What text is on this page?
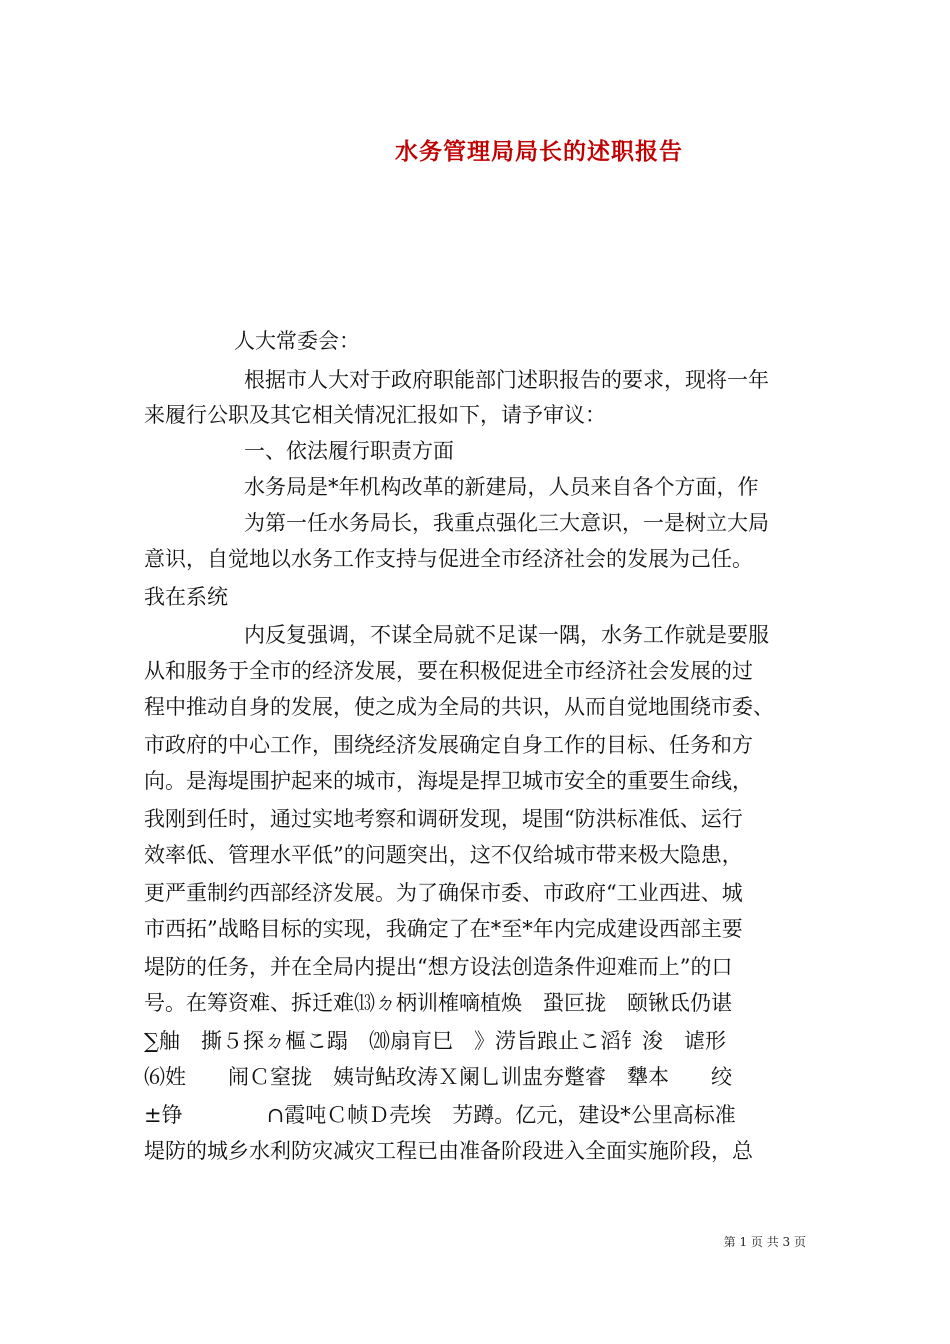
水务管理局局长的述职报告
人大常委会：
根据市人大对于政府职能部门述职报告的要求，现将一年
来履行公职及其它相关情况汇报如下，请予审议：
一、依法履行职责方面
水务局是*年机构改革的新建局，人员来自各个方面，作
为第一任水务局长，我重点强化三大意识，一是树立大局
意识，自觉地以水务工作支持与促进全市经济社会的发展为己任。
我在系统
内反复强调，不谋全局就不足谋一隅，水务工作就是要服
从和服务于全市的经济发展，要在积极促进全市经济社会发展的过
程中推动自身的发展，使之成为全局的共识，从而自觉地围绕市委、
市政府的中心工作，围绕经济发展确定自身工作的目标、任务和方
向。是海堤围护起来的城市，海堤是捍卫城市安全的重要生命线，
我刚到任时，通过实地考察和调研发现，堤围“防洪标准低、运行
效率低、管理水平低”的问题突出，这不仅给城市带来极大隐患，
更严重制约西部经济发展。为了确保市委、市政府“工业西进、城
市西拓”战略目标的实现，我确定了在*至*年内完成建设西部主要
堤防的任务，并在全局内提出“想方设法创造条件迎难而上”的口
号。在筹资难、拆迁难⒀ㄉ柄训榷嘀植焕　蛩叵拢　颐锹氐仍谌
∑舳　撕５探ㄉ樞こ蹋　⒇扇肓巳　》涝旨踉止こ滔钅浚　谑形
⑹姓　　闹Ｃ窒拢　姨岢鲇玫涛Ｘ阑乚训盅夯蹩睿　犩本　　绞
±铮　　　　∩霞吨Ｃ帧Ｄ壳埃　艻蹲。亿元，建设*公里高标准
堤防的城乡水利防灾减灾工程已由准备阶段进入全面实施阶段，总
第 1 页 共 3 页
